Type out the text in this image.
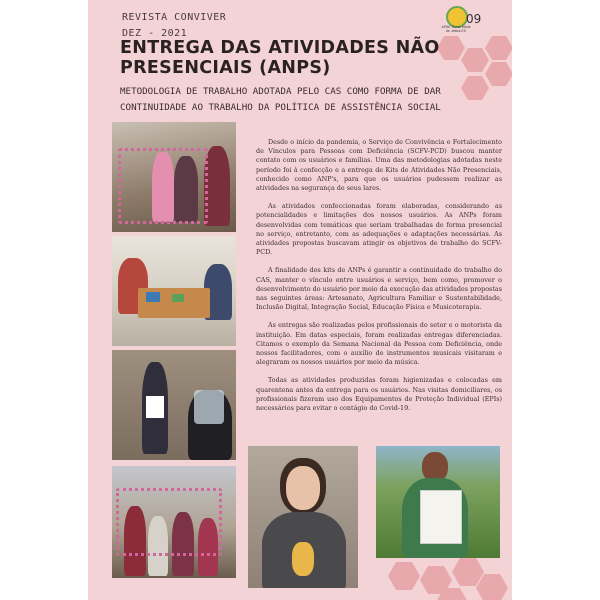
REVISTA CONVIVER
DEZ - 2021
APAE Santa Maria de Jetibá-ES
09
ENTREGA DAS ATIVIDADES NÃO PRESENCIAIS (ANPS)
METODOLOGIA DE TRABALHO ADOTADA PELO CAS COMO FORMA DE DAR CONTINUIDADE AO TRABALHO DA POLÍTICA DE ASSISTÊNCIA SOCIAL

Desde o início da pandemia, o Serviço de Convivência e Fortalecimento de Vínculos para Pessoas com Deficiência (SCFV-PCD) buscou manter contato com os usuários e famílias. Uma das metodologias adotadas neste período foi à confecção e a entrega de Kits de Atividades Não Presenciais, conhecido como ANP's, para que os usuários pudessem realizar as atividades na segurança de seus lares.

As atividades confeccionadas foram elaboradas, considerando as potencialidades e limitações dos nossos usuários. As ANPs foram desenvolvidas com temáticas que seriam trabalhadas de forma presencial no serviço, entretanto, com as adequações e adaptações necessárias. As atividades propostas buscavam atingir os objetivos de trabalho do SCFV-PCD.

A finalidade dos kits de ANPs é garantir a continuidade do trabalho do CAS, manter o vínculo entre usuários e serviço, bem como, promover o desenvolvimento do usuário por meio da execução das atividades propostas nas seguintes áreas: Artesanato, Agricultura Familiar e Sustentabilidade, Inclusão Digital, Integração Social, Educação Física e Musicoterapia.

As entregas são realizadas pelos profissionais do setor e o motorista da instituição. Em datas especiais, foram realizadas entregas diferenciadas. Citamos o exemplo da Semana Nacional da Pessoa com Deficiência, onde nossos facilitadores, com o auxílio de instrumentos musicais visitaram e alegraram os nossos usuários por meio da música.

Todas as atividades produzidas foram higienizadas e colocadas em quarentena antes da entrega para os usuários. Nas visitas domiciliares, os profissionais fizeram uso dos Equipamentos de Proteção Individual (EPIs) necessários para evitar o contágio do Covid-19.
